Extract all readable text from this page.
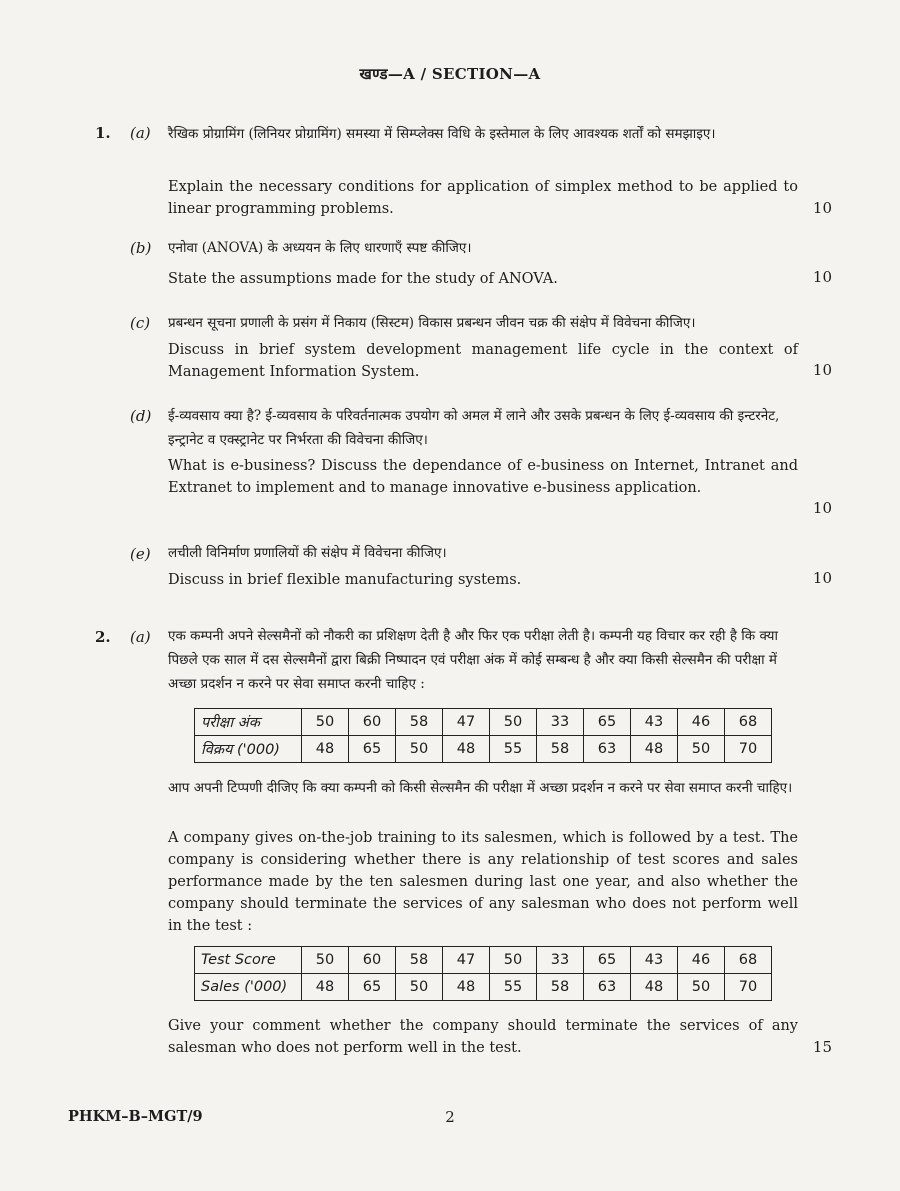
खण्ड—A / SECTION—A
1. (a) रैखिक प्रोग्रामिंग (लिनियर प्रोग्रामिंग) समस्या में सिम्प्लेक्स विधि के इस्तेमाल के लिए आवश्यक शर्तों को समझाइए।

Explain the necessary conditions for application of simplex method to be applied to linear programming problems.	10
(b) एनोवा (ANOVA) के अध्ययन के लिए धारणाएँ स्पष्ट कीजिए।

State the assumptions made for the study of ANOVA.	10
(c) प्रबन्धन सूचना प्रणाली के प्रसंग में निकाय (सिस्टम) विकास प्रबन्धन जीवन चक्र की संक्षेप में विवेचना कीजिए।

Discuss in brief system development management life cycle in the context of Management Information System.	10
(d) ई-व्यवसाय क्या है? ई-व्यवसाय के परिवर्तनात्मक उपयोग को अमल में लाने और उसके प्रबन्धन के लिए ई-व्यवसाय की इन्टरनेट, इन्ट्रानेट व एक्स्ट्रानेट पर निर्भरता की विवेचना कीजिए।

What is e-business? Discuss the dependance of e-business on Internet, Intranet and Extranet to implement and to manage innovative e-business application.

10
(e) लचीली विनिर्माण प्रणालियों की संक्षेप में विवेचना कीजिए।

Discuss in brief flexible manufacturing systems.	10
2. (a) एक कम्पनी अपने सेल्समैनों को नौकरी का प्रशिक्षण देती है और फिर एक परीक्षा लेती है। कम्पनी यह विचार कर रही है कि क्या पिछले एक साल में दस सेल्समैनों द्वारा बिक्री निष्पादन एवं परीक्षा अंक में कोई सम्बन्ध है और क्या किसी सेल्समैन की परीक्षा में अच्छा प्रदर्शन न करने पर सेवा समाप्त करनी चाहिए :

परीक्षा अंक	50	60	58	47	50	33	65	43	46	68
विक्रय ('000)	48	65	50	48	55	58	63	48	50	70

आप अपनी टिप्पणी दीजिए कि क्या कम्पनी को किसी सेल्समैन की परीक्षा में अच्छा प्रदर्शन न करने पर सेवा समाप्त करनी चाहिए।

A company gives on-the-job training to its salesmen, which is followed by a test. The company is considering whether there is any relationship of test scores and sales performance made by the ten salesmen during last one year, and also whether the company should terminate the services of any salesman who does not perform well in the test :

Test Score	50	60	58	47	50	33	65	43	46	68
Sales ('000)	48	65	50	48	55	58	63	48	50	70

Give your comment whether the company should terminate the services of any salesman who does not perform well in the test.	15
PHKM–B–MGT/9	2
